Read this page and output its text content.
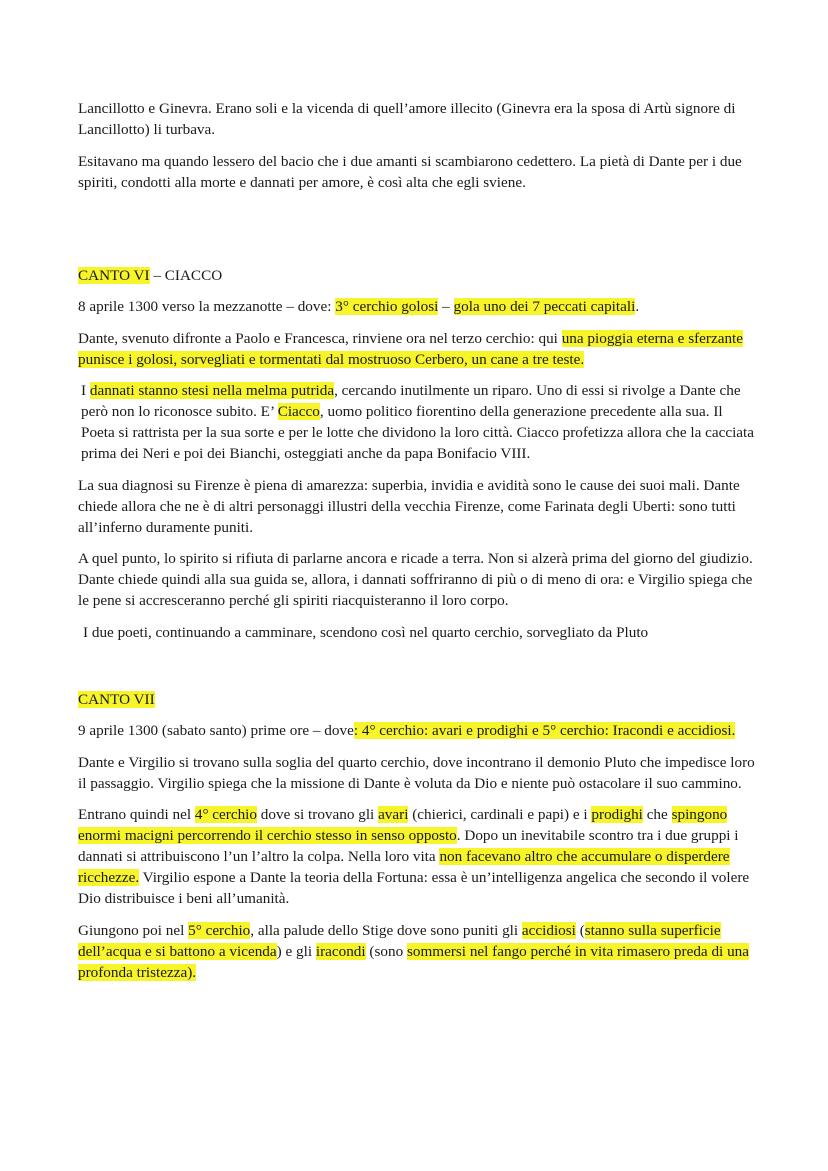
Lancillotto e Ginevra. Erano soli e la vicenda di quell’amore illecito (Ginevra era la sposa di Artù signore di Lancillotto) li turbava.

Esitavano ma quando lessero del bacio che i due amanti si scambiarono cedettero. La pietà di Dante per i due spiriti, condotti alla morte e dannati per amore, è così alta che egli sviene.

CANTO VI – CIACCO

8 aprile 1300 verso la mezzanotte – dove: 3° cerchio golosi – gola uno dei 7 peccati capitali.

Dante, svenuto difronte a Paolo e Francesca, rinviene ora nel terzo cerchio: qui una pioggia eterna e sferzante punisce i golosi, sorvegliati e tormentati dal mostruoso Cerbero, un cane a tre teste.

I dannati stanno stesi nella melma putrida, cercando inutilmente un riparo. Uno di essi si rivolge a Dante che però non lo riconosce subito. E’ Ciacco, uomo politico fiorentino della generazione precedente alla sua. Il Poeta si rattrista per la sua sorte e per le lotte che dividono la loro città. Ciacco profetizza allora che la cacciata prima dei Neri e poi dei Bianchi, osteggiati anche da papa Bonifacio VIII.

La sua diagnosi su Firenze è piena di amarezza: superbia, invidia e avidità sono le cause dei suoi mali. Dante chiede allora che ne è di altri personaggi illustri della vecchia Firenze, come Farinata degli Uberti: sono tutti all’inferno duramente puniti.

A quel punto, lo spirito si rifiuta di parlarne ancora e ricade a terra. Non si alzerà prima del giorno del giudizio. Dante chiede quindi alla sua guida se, allora, i dannati soffriranno di più o di meno di ora: e Virgilio spiega che le pene si accresceranno perché gli spiriti riacquisteranno il loro corpo.

I due poeti, continuando a camminare, scendono così nel quarto cerchio, sorvegliato da Pluto

CANTO VII

9 aprile 1300 (sabato santo) prime ore – dove: 4° cerchio: avari e prodighi e 5° cerchio: Iracondi e accidiosi.

Dante e Virgilio si trovano sulla soglia del quarto cerchio, dove incontrano il demonio Pluto che impedisce loro il passaggio. Virgilio spiega che la missione di Dante è voluta da Dio e niente può ostacolare il suo cammino.

Entrano quindi nel 4° cerchio dove si trovano gli avari (chierici, cardinali e papi) e i prodighi che spingono enormi macigni percorrendo il cerchio stesso in senso opposto. Dopo un inevitabile scontro tra i due gruppi i dannati si attribuiscono l’un l’altro la colpa. Nella loro vita non facevano altro che accumulare o disperdere ricchezze. Virgilio espone a Dante la teoria della Fortuna: essa è un’intelligenza angelica che secondo il volere Dio distribuisce i beni all’umanità.

Giungono poi nel 5° cerchio, alla palude dello Stige dove sono puniti gli accidiosi (stanno sulla superficie dell’acqua e si battono a vicenda) e gli iracondi (sono sommersi nel fango perché in vita rimasero preda di una profonda tristezza).
